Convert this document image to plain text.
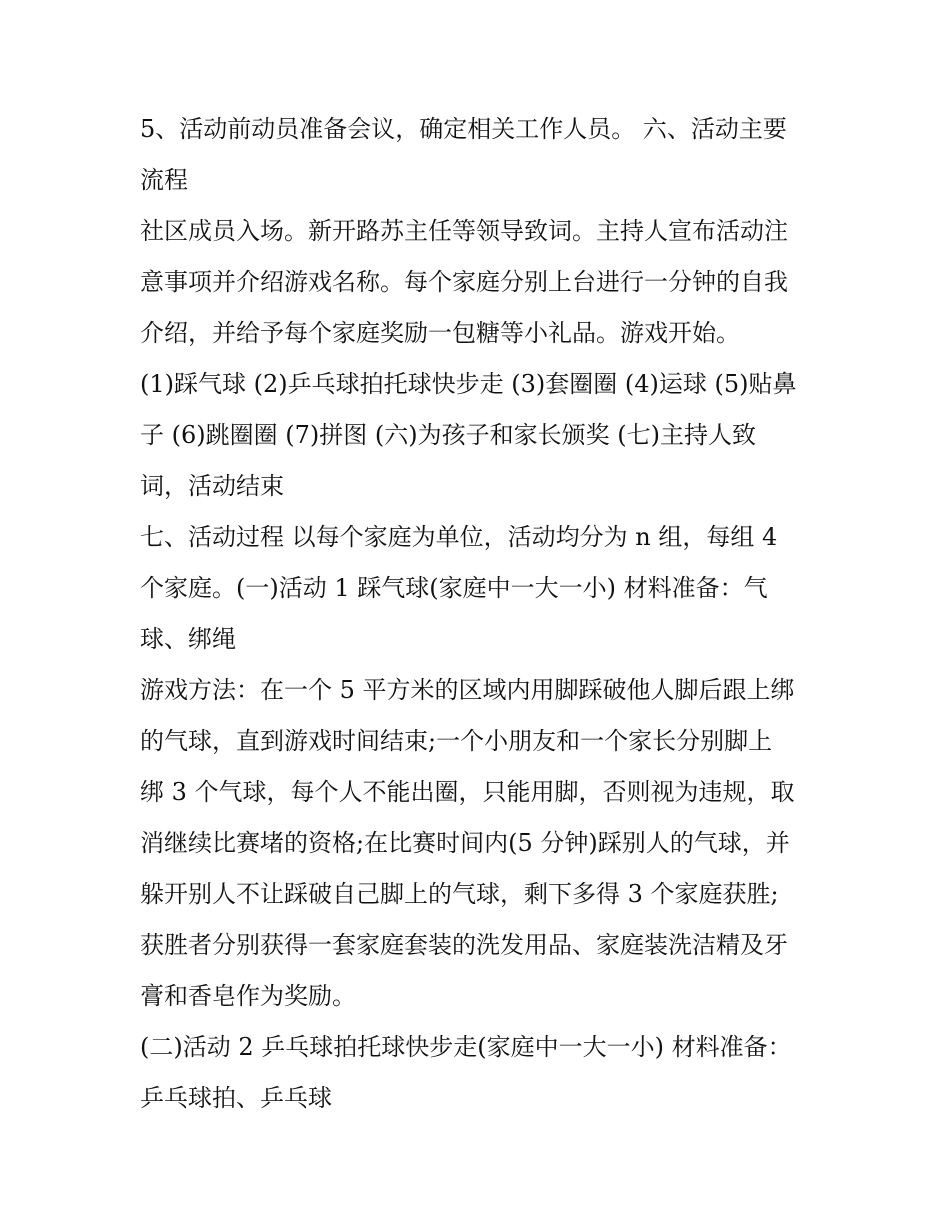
5、活动前动员准备会议，确定相关工作人员。 六、活动主要
流程
社区成员入场。新开路苏主任等领导致词。主持人宣布活动注
意事项并介绍游戏名称。每个家庭分别上台进行一分钟的自我
介绍，并给予每个家庭奖励一包糖等小礼品。游戏开始。
(1)踩气球 (2)乒乓球拍托球快步走 (3)套圈圈 (4)运球 (5)贴鼻
子 (6)跳圈圈 (7)拼图 (六)为孩子和家长颁奖 (七)主持人致
词，活动结束
七、活动过程 以每个家庭为单位，活动均分为 n 组，每组 4
个家庭。(一)活动 1 踩气球(家庭中一大一小) 材料准备：气
球、绑绳
游戏方法：在一个 5 平方米的区域内用脚踩破他人脚后跟上绑
的气球，直到游戏时间结束;一个小朋友和一个家长分别脚上
绑 3 个气球，每个人不能出圈，只能用脚，否则视为违规，取
消继续比赛堵的资格;在比赛时间内(5 分钟)踩别人的气球，并
躲开别人不让踩破自己脚上的气球，剩下多得 3 个家庭获胜;
获胜者分别获得一套家庭套装的洗发用品、家庭装洗洁精及牙
膏和香皂作为奖励。
(二)活动 2 乒乓球拍托球快步走(家庭中一大一小) 材料准备：
乒乓球拍、乒乓球
